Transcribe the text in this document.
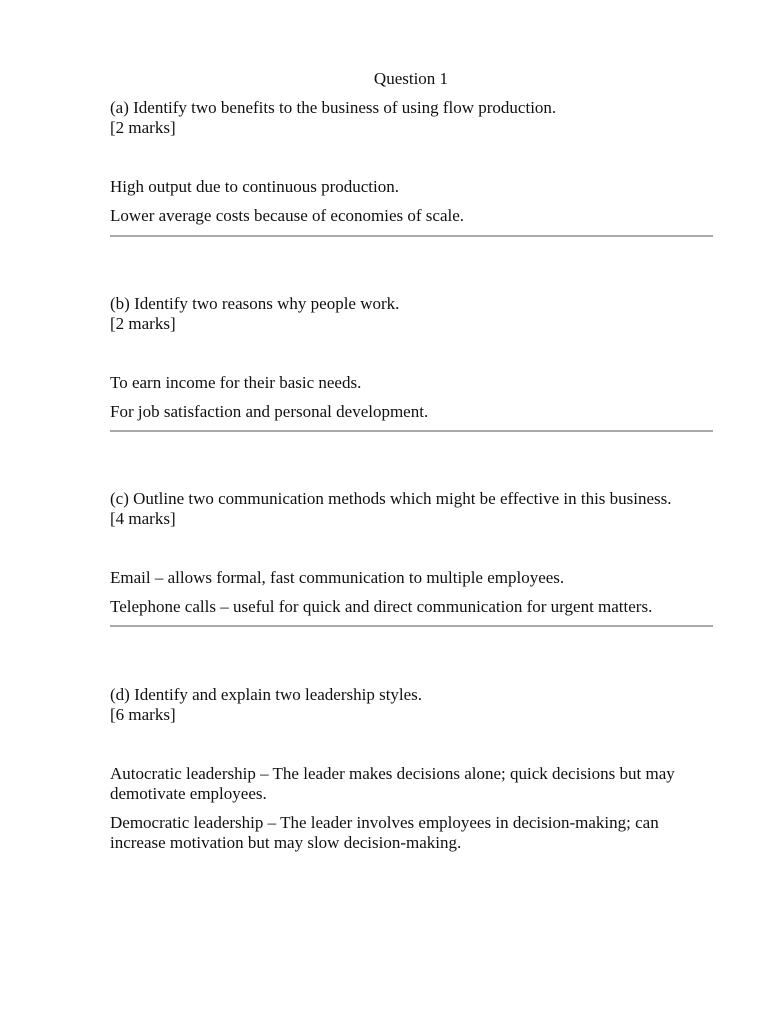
Question 1

(a) Identify two benefits to the business of using flow production.

[2 marks]

High output due to continuous production.

Lower average costs because of economies of scale.

(b) Identify two reasons why people work.

[2 marks]

To earn income for their basic needs.

For job satisfaction and personal development.

(c) Outline two communication methods which might be effective in this business.

[4 marks]

Email – allows formal, fast communication to multiple employees.

Telephone calls – useful for quick and direct communication for urgent matters.

(d) Identify and explain two leadership styles.

[6 marks]

Autocratic leadership – The leader makes decisions alone; quick decisions but may demotivate employees.

Democratic leadership – The leader involves employees in decision-making; can increase motivation but may slow decision-making.
